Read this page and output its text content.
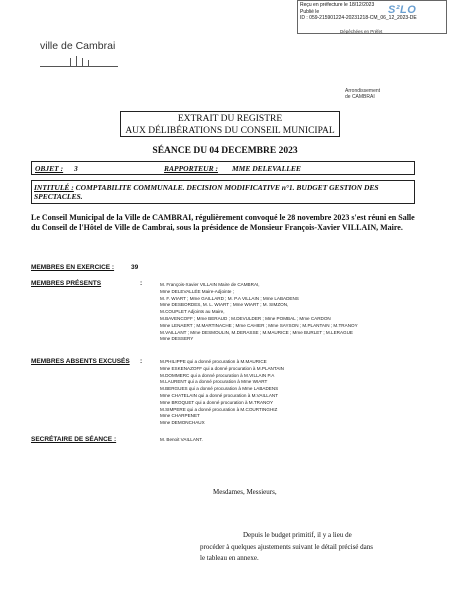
Reçu en préfecture le 18/12/2023
Publié le
ID : 059-215901224-20231218-CM_06_12_2023-DE
S²LO
Dépêchées en Préfet
ville de Cambrai
Arrondissement
de CAMBRAI
EXTRAIT DU REGISTRE
AUX DÉLIBÉRATIONS DU CONSEIL MUNICIPAL
SÉANCE DU 04 DECEMBRE 2023
OBJET : 3	RAPPORTEUR : MME DELEVALLEE
INTITULÉ : COMPTABILITE COMMUNALE. DECISION MODIFICATIVE n°1. BUDGET GESTION DES SPECTACLES.
Le Conseil Municipal de la Ville de CAMBRAI, régulièrement convoqué le 28 novembre 2023 s'est réuni en Salle du Conseil de l'Hôtel de Ville de Cambrai, sous la présidence de Monsieur François-Xavier VILLAIN, Maire.
MEMBRES EN EXERCICE :	39
MEMBRES PRÉSENTS	:	M. François-Xavier VILLAIN Maire de CAMBRAI,
Mme DELEVALLÉE Maire-Adjointe ;
M. F. WIART ; Mme GAILLARD ; M. P.A VILLAIN ; Mme LABADENS
Mme DESBORDES, M. L. WIART ; Mme WIART ; M. SIMZON,
M.COUPLET Adjoints au Maire,
M.BAVENCOFF ; Mme BERAUD ; M.DEVULDER ; Mme POMBAL ; Mme CARDON
Mme LENAERT ; M.MARTINACHE ; Mme CAHIER ; Mme SAYSON ; M.PLANTAIN ; M.TRANOY
M.VAILLANT ; Mme DESMOULIN, M.DERASSE ; M.MAURICE ; Mme BURLET ; M.LERAGUE
Mme DESSERY
MEMBRES ABSENTS EXCUSÉS :	M.PHILIPPE qui a donné procuration à M.MAURICE
Mme ESKENAZOFF qui a donné procuration à M.PLANTAIN
M.DOMMERC qui a donné procuration à M.VILLAIN P.A
M.LAURENT qui a donné procuration à Mme WIART
M.BERGUES qui a donné procuration à Mme LABADENS
Mme CHATELAIN qui a donné procuration à M.VAILLANT
Mme BROQUET qui a donné procuration à M.TRANOY
M.SIMPERE qui a donné procuration à M.COURTINGHIZ
Mme CHARPENET
Mme DEMONCHAUX
SECRÉTAIRE DE SÉANCE :	M. Benoit VAILLANT.
Mesdames, Messieurs,
Depuis le budget primitif, il y a lieu de
procéder à quelques ajustements suivant le détail précisé dans
le tableau en annexe.
